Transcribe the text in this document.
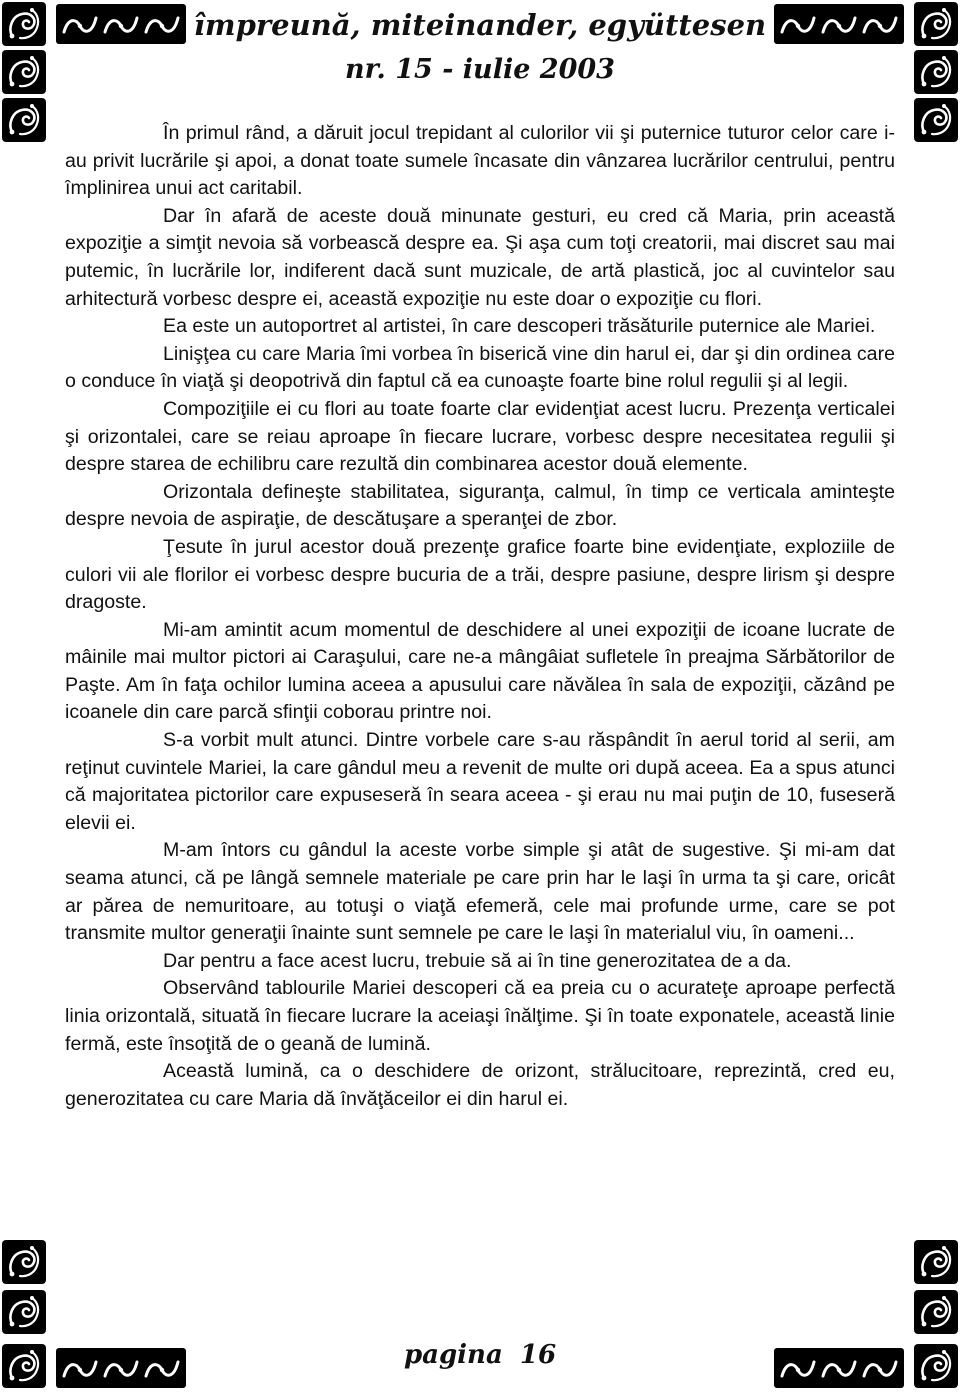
împreună, miteinander, együttesen
nr. 15 - iulie 2003

În primul rând, a dăruit jocul trepidant al culorilor vii şi puternice tuturor celor care i-au privit lucrările şi apoi, a donat toate sumele încasate din vânzarea lucrărilor centrului, pentru împlinirea unui act caritabil.

Dar în afară de aceste două minunate gesturi, eu cred că Maria, prin această expoziţie a simţit nevoia să vorbească despre ea. Şi aşa cum toţi creatorii, mai discret sau mai putemic, în lucrările lor, indiferent dacă sunt muzicale, de artă plastică, joc al cuvintelor sau arhitectură vorbesc despre ei, această expoziţie nu este doar o expoziţie cu flori.

Ea este un autoportret al artistei, în care descoperi trăsăturile puternice ale Mariei.

Linişţea cu care Maria îmi vorbea în biserică vine din harul ei, dar şi din ordinea care o conduce în viaţă şi deopotrivă din faptul că ea cunoaşte foarte bine rolul regulii şi al legii.

Compoziţiile ei cu flori au toate foarte clar evidenţiat acest lucru. Prezenţa verticalei şi orizontalei, care se reiau aproape în fiecare lucrare, vorbesc despre necesitatea regulii şi despre starea de echilibru care rezultă din combinarea acestor două elemente.

Orizontala defineşte stabilitatea, siguranţa, calmul, în timp ce verticala aminteşte despre nevoia de aspiraţie, de descătuşare a speranţei de zbor.

Ţesute în jurul acestor două prezenţe grafice foarte bine evidenţiate, exploziile de culori vii ale florilor ei vorbesc despre bucuria de a trăi, despre pasiune, despre lirism şi despre dragoste.

Mi-am amintit acum momentul de deschidere al unei expoziţii de icoane lucrate de mâinile mai multor pictori ai Caraşului, care ne-a mângâiat sufletele în preajma Sărbătorilor de Paşte. Am în faţa ochilor lumina aceea a apusului care năvălea în sala de expoziţii, căzând pe icoanele din care parcă sfinţii coborau printre noi.

S-a vorbit mult atunci. Dintre vorbele care s-au răspândit în aerul torid al serii, am reţinut cuvintele Mariei, la care gândul meu a revenit de multe ori după aceea. Ea a spus atunci că majoritatea pictorilor care expuseseră în seara aceea - şi erau nu mai puţin de 10, fuseseră elevii ei.

M-am întors cu gândul la aceste vorbe simple şi atât de sugestive. Şi mi-am dat seama atunci, că pe lângă semnele materiale pe care prin har le laşi în urma ta şi care, oricât ar părea de nemuritoare, au totuşi o viaţă efemeră, cele mai profunde urme, care se pot transmite multor generaţii înainte sunt semnele pe care le laşi în materialul viu, în oameni...

Dar pentru a face acest lucru, trebuie să ai în tine generozitatea de a da.

Observând tablourile Mariei descoperi că ea preia cu o acurateţe aproape perfectă linia orizontală, situată în fiecare lucrare la aceiaşi înălţime. Şi în toate exponatele, această linie fermă, este însoţită de o geană de lumină.

Această lumină, ca o deschidere de orizont, strălucitoare, reprezintă, cred eu, generozitatea cu care Maria dă învăţăceilor ei din harul ei.

pagina 16
